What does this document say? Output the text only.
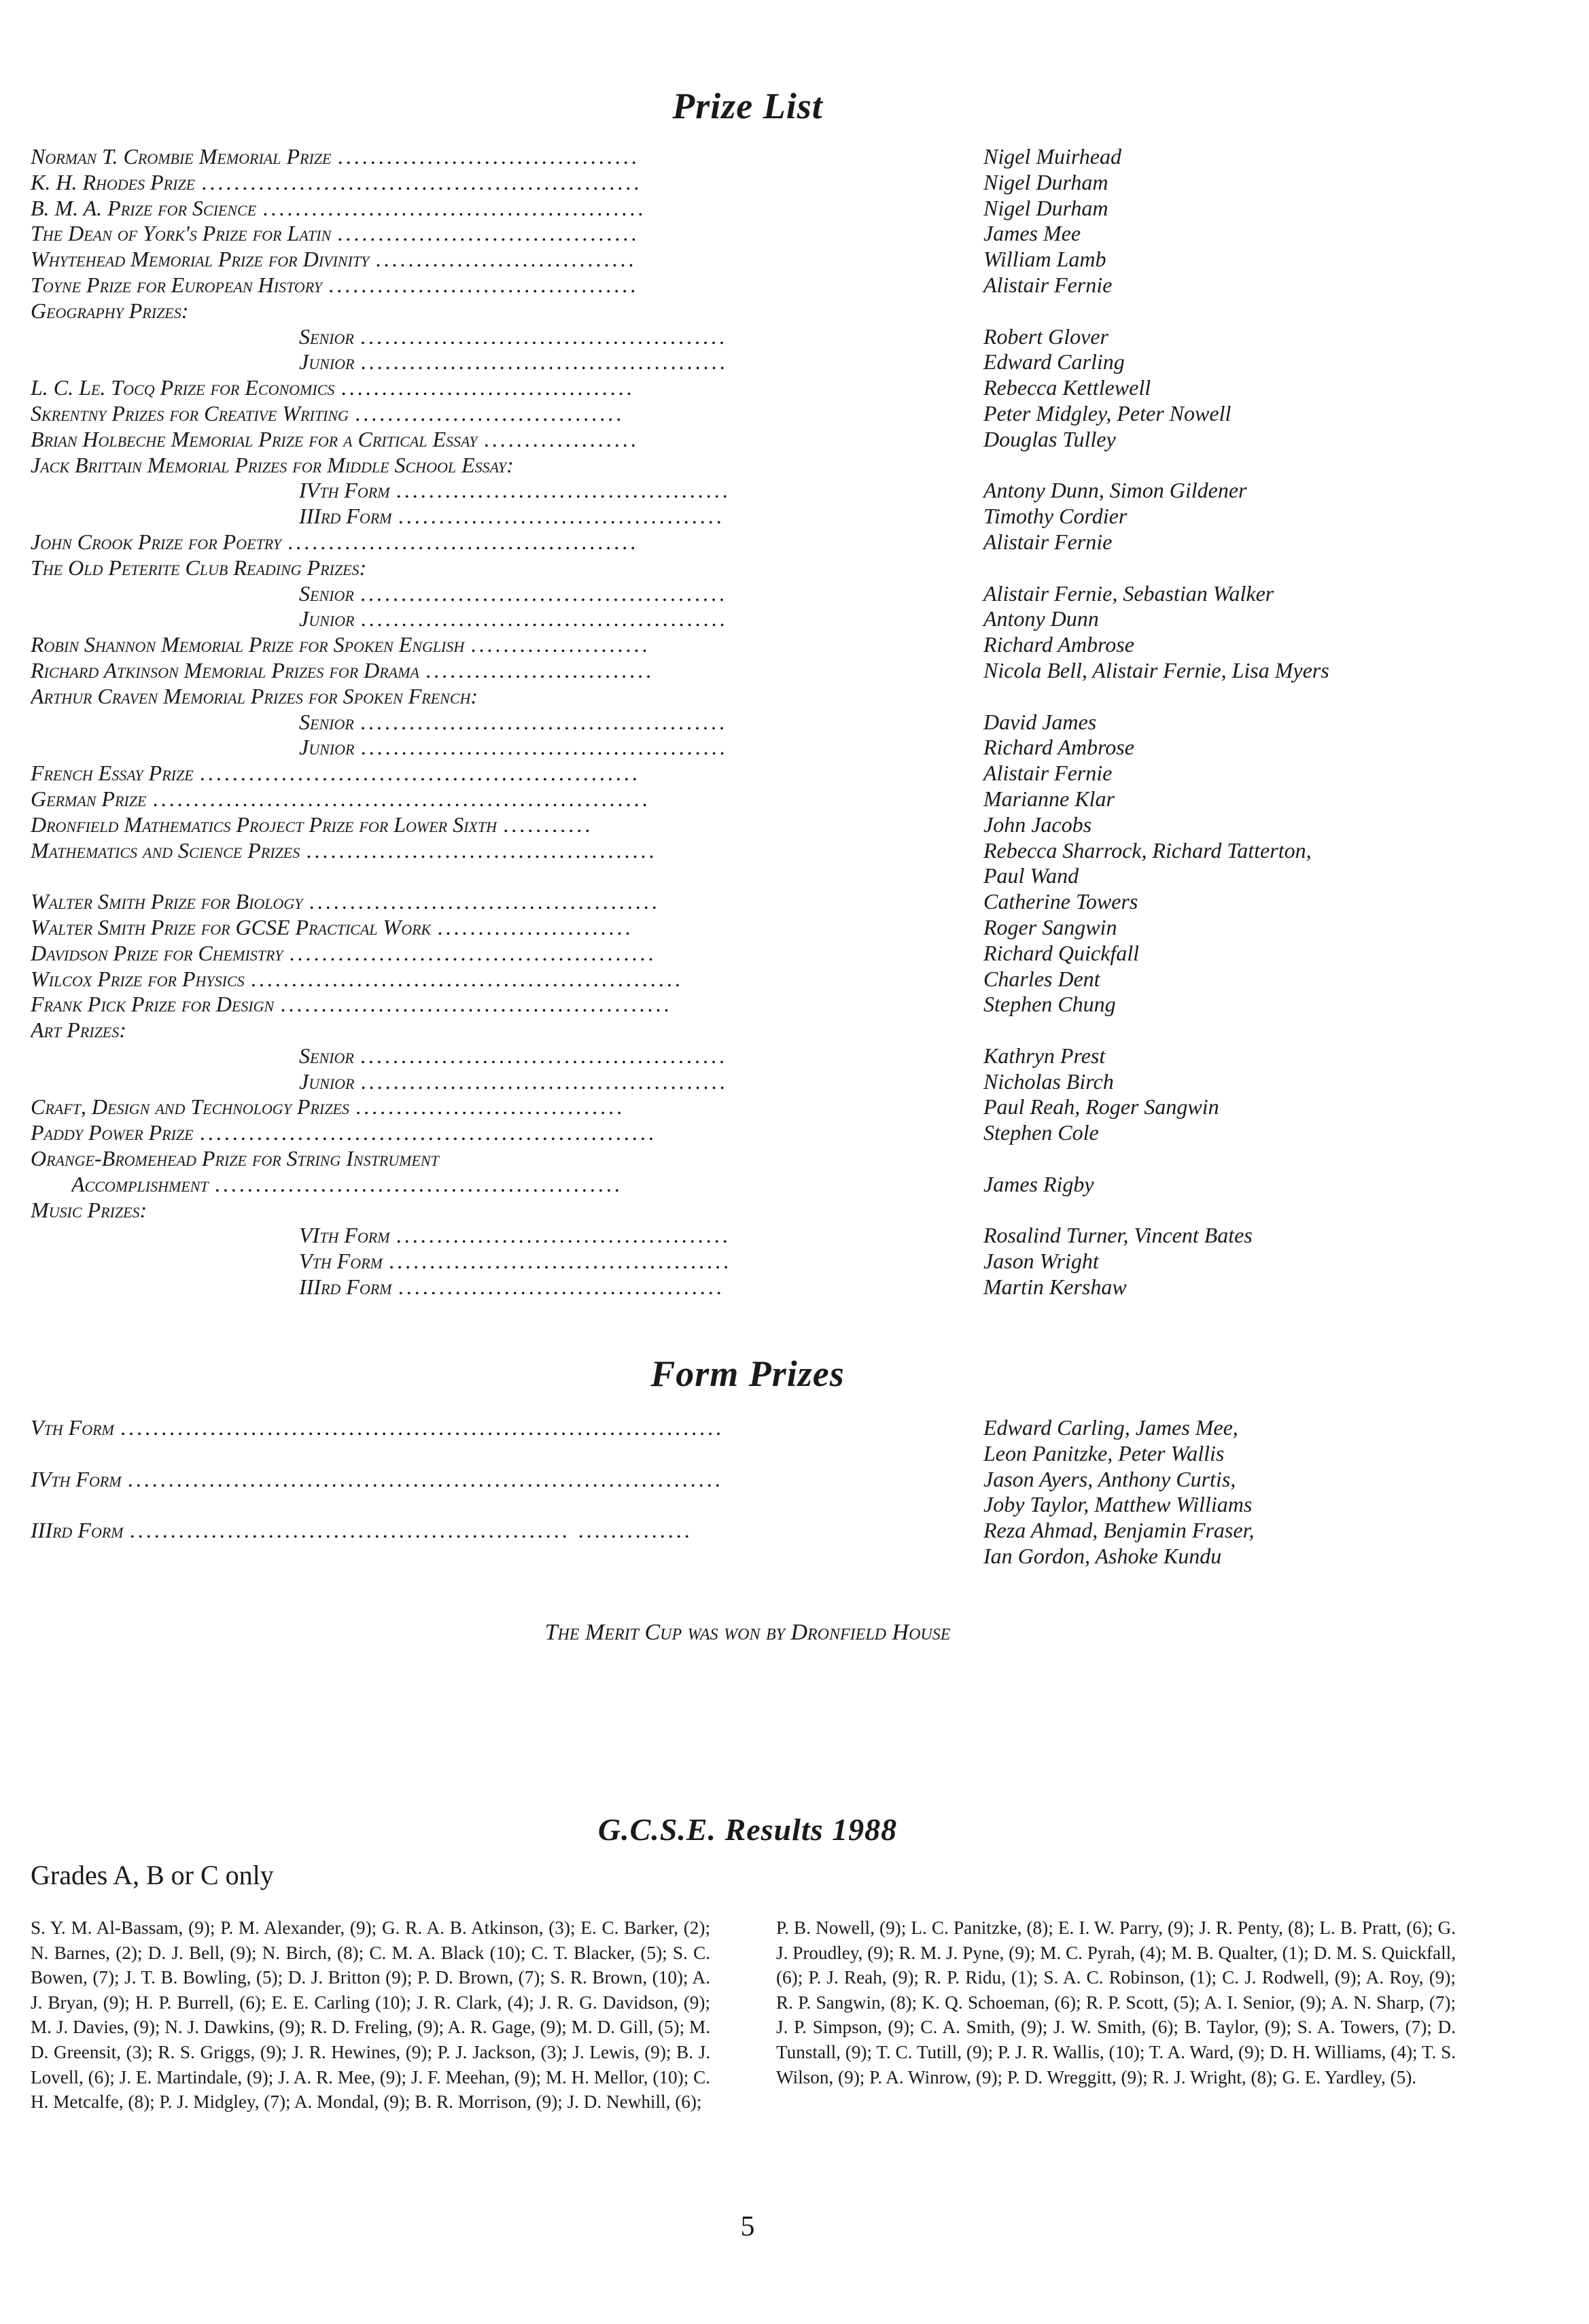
Prize List
Norman T. Crombie Memorial Prize .....................................	Nigel Muirhead
K. H. Rhodes Prize ......................................................	Nigel Durham
B. M. A. Prize for Science ...............................................	Nigel Durham
The Dean of York's Prize for Latin .....................................	James Mee
Whytehead Memorial Prize for Divinity ................................	William Lamb
Toyne Prize for European History ......................................	Alistair Fernie
Geography Prizes:
Senior .............................................	Robert Glover
Junior .............................................	Edward Carling
L. C. Le. Tocq Prize for Economics ....................................	Rebecca Kettlewell
Skrentny Prizes for Creative Writing .................................	Peter Midgley, Peter Nowell
Brian Holbeche Memorial Prize for a Critical Essay ...................	Douglas Tulley
Jack Brittain Memorial Prizes for Middle School Essay:
IVth Form .........................................	Antony Dunn, Simon Gildener
IIIrd Form ........................................	Timothy Cordier
John Crook Prize for Poetry ...........................................	Alistair Fernie
The Old Peterite Club Reading Prizes:
Senior .............................................	Alistair Fernie, Sebastian Walker
Junior .............................................	Antony Dunn
Robin Shannon Memorial Prize for Spoken English ......................	Richard Ambrose
Richard Atkinson Memorial Prizes for Drama ............................	Nicola Bell, Alistair Fernie, Lisa Myers
Arthur Craven Memorial Prizes for Spoken French:
Senior .............................................	David James
Junior .............................................	Richard Ambrose
French Essay Prize ......................................................	Alistair Fernie
German Prize .............................................................	Marianne Klar
Dronfield Mathematics Project Prize for Lower Sixth ...........	John Jacobs
Mathematics and Science Prizes ...........................................	Rebecca Sharrock, Richard Tatterton,
Paul Wand
Walter Smith Prize for Biology ...........................................	Catherine Towers
Walter Smith Prize for GCSE Practical Work ........................	Roger Sangwin
Davidson Prize for Chemistry .............................................	Richard Quickfall
Wilcox Prize for Physics .....................................................	Charles Dent
Frank Pick Prize for Design ................................................	Stephen Chung
Art Prizes:
Senior .............................................	Kathryn Prest
Junior .............................................	Nicholas Birch
Craft, Design and Technology Prizes .................................	Paul Reah, Roger Sangwin
Paddy Power Prize ........................................................	Stephen Cole
Orange-Bromehead Prize for String Instrument
Accomplishment ..................................................	James Rigby
Music Prizes:
VIth Form .........................................	Rosalind Turner, Vincent Bates
Vth Form ..........................................	Jason Wright
IIIrd Form ........................................	Martin Kershaw
Form Prizes
Vth Form ..........................................................................	Edward Carling, James Mee,
Leon Panitzke, Peter Wallis
IVth Form .........................................................................	Jason Ayers, Anthony Curtis,
Joby Taylor, Matthew Williams
IIIrd Form ...................................................... ..............	Reza Ahmad, Benjamin Fraser,
Ian Gordon, Ashoke Kundu
The Merit Cup was won by Dronfield House
G.C.S.E. Results 1988
Grades A, B or C only
S. Y. M. Al-Bassam, (9); P. M. Alexander, (9); G. R. A. B. Atkinson, (3); E. C. Barker, (2); N. Barnes, (2); D. J. Bell, (9); N. Birch, (8); C. M. A. Black (10); C. T. Blacker, (5); S. C. Bowen, (7); J. T. B. Bowling, (5); D. J. Britton (9); P. D. Brown, (7); S. R. Brown, (10); A. J. Bryan, (9); H. P. Burrell, (6); E. E. Carling (10); J. R. Clark, (4); J. R. G. Davidson, (9); M. J. Davies, (9); N. J. Dawkins, (9); R. D. Freling, (9); A. R. Gage, (9); M. D. Gill, (5); M. D. Greensit, (3); R. S. Griggs, (9); J. R. Hewines, (9); P. J. Jackson, (3); J. Lewis, (9); B. J. Lovell, (6); J. E. Martindale, (9); J. A. R. Mee, (9); J. F. Meehan, (9); M. H. Mellor, (10); C. H. Metcalfe, (8); P. J. Midgley, (7); A. Mondal, (9); B. R. Morrison, (9); J. D. Newhill, (6);
P. B. Nowell, (9); L. C. Panitzke, (8); E. I. W. Parry, (9); J. R. Penty, (8); L. B. Pratt, (6); G. J. Proudley, (9); R. M. J. Pyne, (9); M. C. Pyrah, (4); M. B. Qualter, (1); D. M. S. Quickfall, (6); P. J. Reah, (9); R. P. Ridu, (1); S. A. C. Robinson, (1); C. J. Rodwell, (9); A. Roy, (9); R. P. Sangwin, (8); K. Q. Schoeman, (6); R. P. Scott, (5); A. I. Senior, (9); A. N. Sharp, (7); J. P. Simpson, (9); C. A. Smith, (9); J. W. Smith, (6); B. Taylor, (9); S. A. Towers, (7); D. Tunstall, (9); T. C. Tutill, (9); P. J. R. Wallis, (10); T. A. Ward, (9); D. H. Williams, (4); T. S. Wilson, (9); P. A. Winrow, (9); P. D. Wreggitt, (9); R. J. Wright, (8); G. E. Yardley, (5).
5
